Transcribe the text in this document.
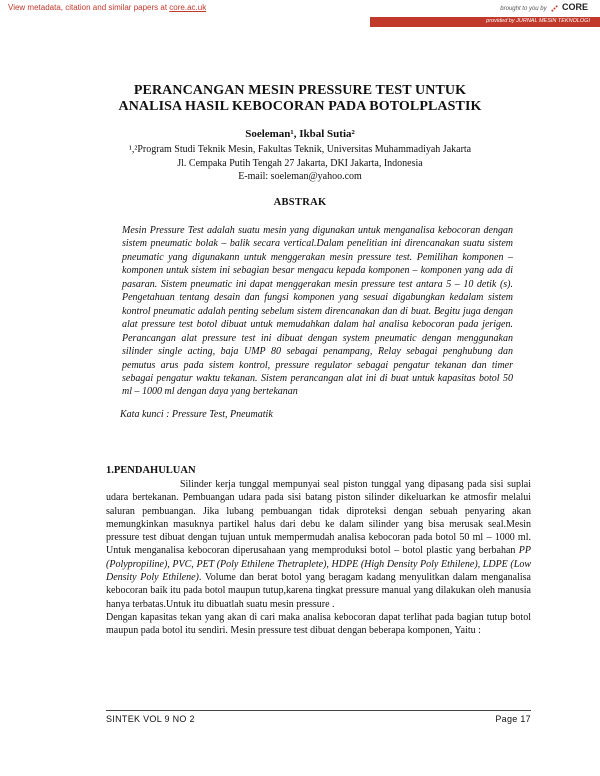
View metadata, citation and similar papers at core.ac.uk	brought to you by CORE
provided by JURNAL MESIN TEKNOLOGI
PERANCANGAN MESIN PRESSURE TEST UNTUK
ANALISA HASIL KEBOCORAN PADA BOTOLPLASTIK
Soeleman¹, Ikbal Sutia²
¹,²Program Studi Teknik Mesin, Fakultas Teknik, Universitas Muhammadiyah Jakarta
Jl. Cempaka Putih Tengah 27 Jakarta, DKI Jakarta, Indonesia
E-mail: soeleman@yahoo.com
ABSTRAK
Mesin Pressure Test adalah suatu mesin yang digunakan untuk menganalisa kebocoran dengan sistem pneumatic bolak – balik secara vertical.Dalam penelitian ini direncanakan suatu sistem pneumatic yang digunakann untuk menggerakan mesin pressure test. Pemilihan komponen – komponen untuk sistem ini sebagian besar mengacu kepada komponen – komponen yang ada di pasaran. Sistem pneumatic ini dapat menggerakan mesin pressure test antara 5 – 10 detik (s). Pengetahuan tentang desain dan fungsi komponen yang sesuai digabungkan kedalam sistem kontrol pneumatic adalah penting sebelum sistem direncanakan dan di buat. Begitu juga dengan alat pressure test botol dibuat untuk memudahkan dalam hal analisa kebocoran pada jerigen. Perancangan alat pressure test ini dibuat dengan system pneumatic dengan menggunakan silinder single acting, baja UMP 80 sebagai penampang, Relay sebagai penghubung dan pemutus arus pada sistem kontrol, pressure regulator sebagai pengatur tekanan dan timer sebagai pengatur waktu tekanan. Sistem perancangan alat ini di buat untuk kapasitas botol 50 ml – 1000 ml dengan daya yang bertekanan
Kata kunci : Pressure Test, Pneumatik
1.PENDAHULUAN

Silinder kerja tunggal mempunyai seal piston tunggal yang dipasang pada sisi suplai udara bertekanan. Pembuangan udara pada sisi batang piston silinder dikeluarkan ke atmosfir melalui saluran pembuangan. Jika lubang pembuangan tidak diproteksi dengan sebuah penyaring akan memungkinkan masuknya partikel halus dari debu ke dalam silinder yang bisa merusak seal.Mesin pressure test dibuat dengan tujuan untuk mempermudah analisa kebocoran pada botol 50 ml – 1000 ml. Untuk menganalisa kebocoran diperusahaan yang memproduksi botol – botol plastic yang berbahan PP (Polypropiline), PVC, PET (Poly Ethilene Thetraplete), HDPE (High Density Poly Ethilene), LDPE (Low Density Poly Ethilene). Volume dan berat botol yang beragam kadang menyulitkan dalam menganalisa kebocoran baik itu pada botol maupun tutup,karena tingkat pressure manual yang dilakukan oleh manusia hanya terbatas.Untuk itu dibuatlah suatu mesin pressure .

Dengan kapasitas tekan yang akan di cari maka analisa kebocoran dapat terlihat pada bagian tutup botol maupun pada botol itu sendiri. Mesin pressure test dibuat dengan beberapa komponen, Yaitu :

SINTEK VOL 9 NO 2	Page 17
